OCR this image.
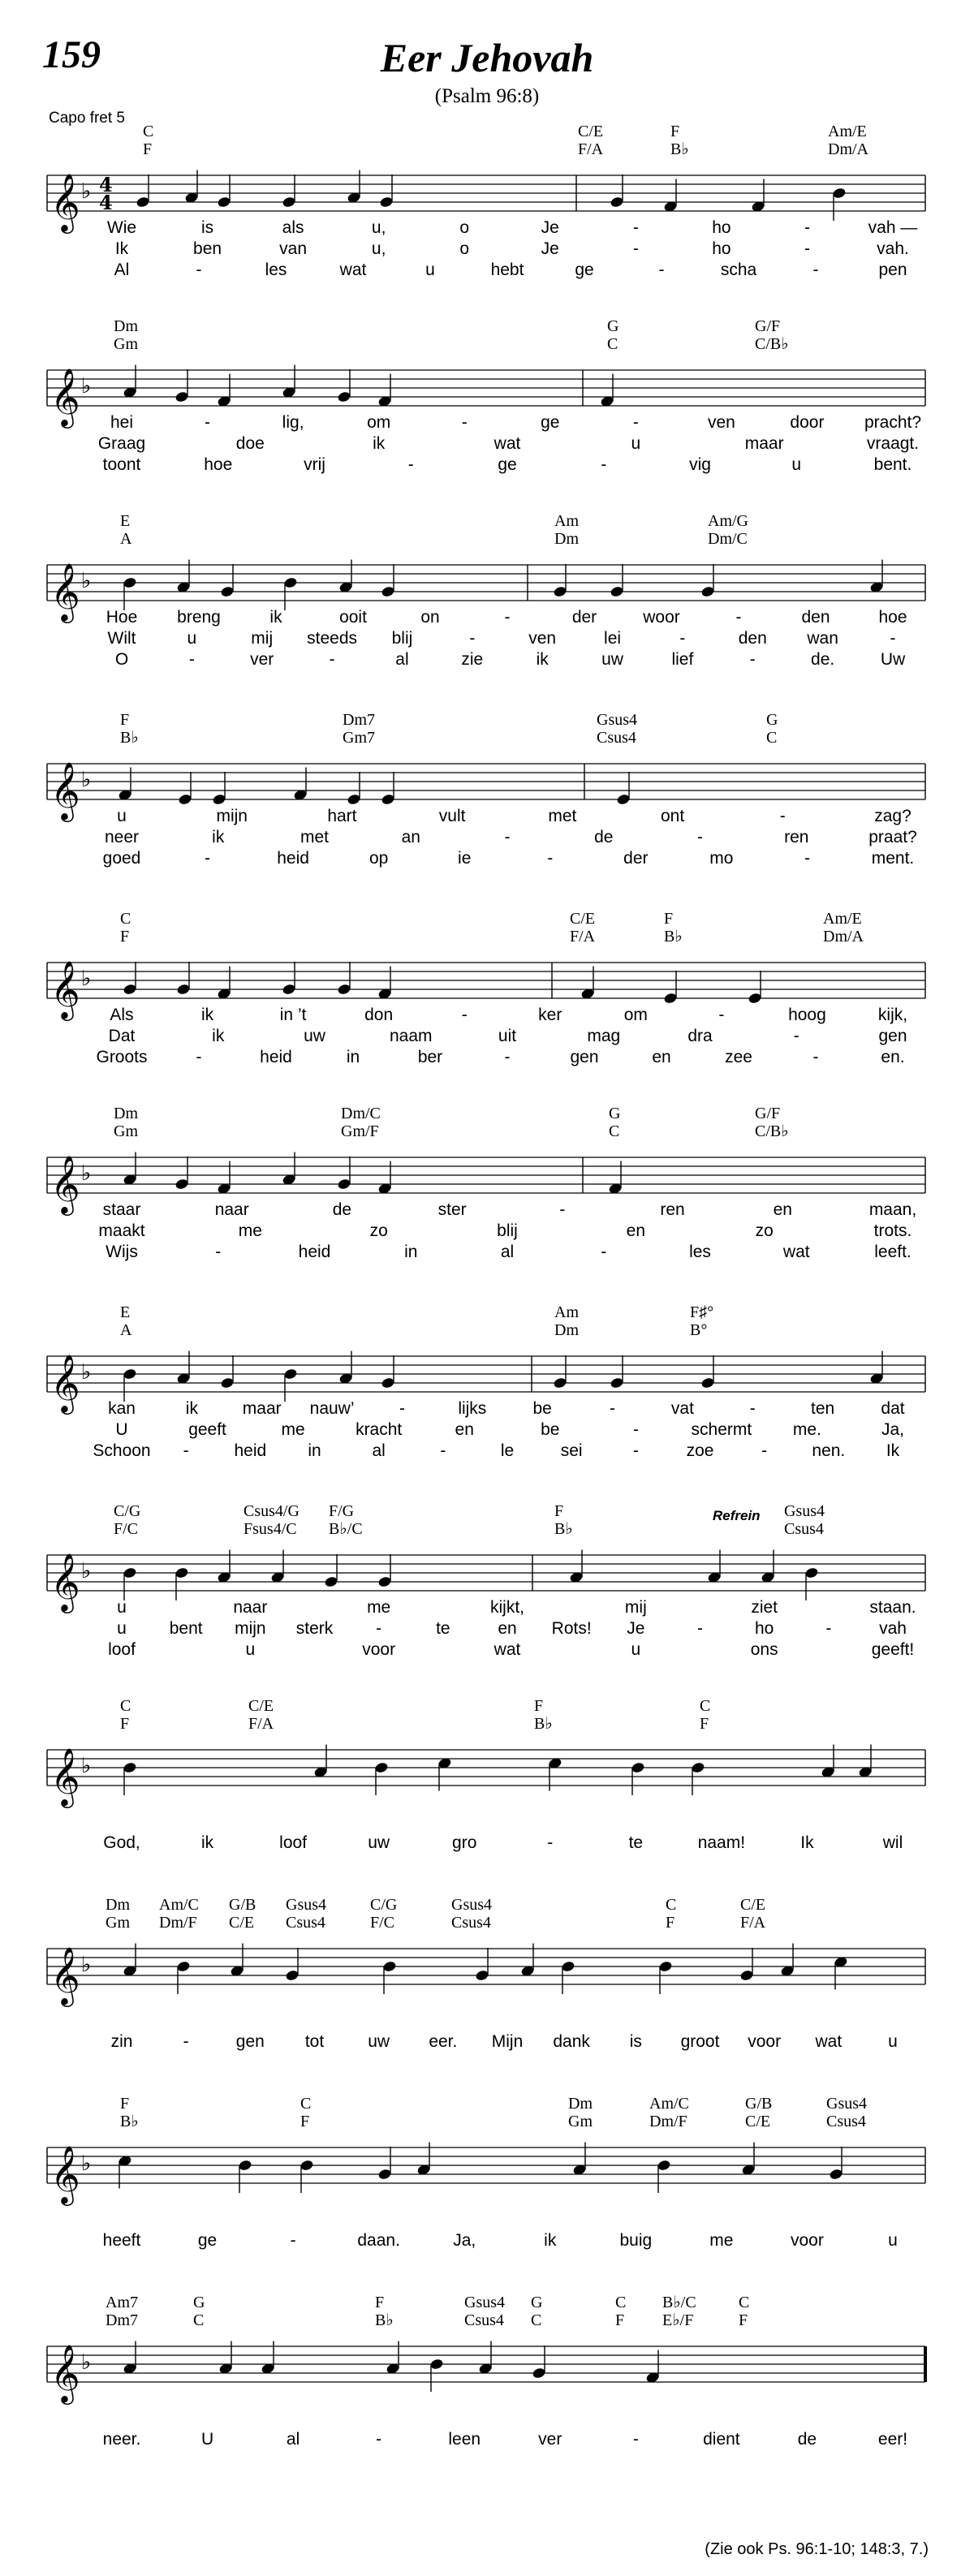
159	Eer Jehovah
(Psalm 96:8)
Capo fret 5
C	C/E	F	Am/E
F	F/A	B♭	Dm/A
𝄞 ♭ 4
4
Wie	is	als	u,	o	Je	-	ho	-	vah —
Ik	ben	van	u,	o	Je	-	ho	-	vah.
Al	-	les	wat	u	hebt	ge	-	scha	-	pen
Dm	G	G/F
Gm	C	C/B♭
𝄞 ♭
hei	-	lig,	om	-	ge	-	ven	door pracht?
Graag	doe	ik	wat	u	maar	vraagt.
toont	hoe	vrij	-	ge	-	vig	u	bent.
E	Am	Am/G
A	Dm	Dm/C
𝄞 ♭
Hoe breng	ik	ooit	on	-	der	woor	-	den	hoe
Wilt	u	mij steeds blij	-	ven	lei	-	den wan	-
O	-	ver	-	al	zie	ik	uw	lief	-	de.	Uw
F	Dm7	Gsus4	G
B♭	Gm7	Csus4	C
𝄞 ♭
u	mijn	hart	vult	met	ont	-	zag?
neer	ik	met	an	-	de	-	ren	praat?
goed	-	heid	op	ie	-	der	mo	-	ment.
C	C/E	F	Am/E
F	F/A	B♭	Dm/A
𝄞 ♭
Als	ik	in ’t	don	-	ker	om	-	hoog	kijk,
Dat	ik	uw	naam	uit	mag	dra	-	gen
Groots	-	heid	in	ber	-	gen	en	zee	-	en.
Dm	Dm/C	G	G/F
Gm	Gm/F	C	C/B♭
𝄞 ♭
staar	naar	de	ster	-	ren	en	maan,
maakt	me	zo	blij	en	zo	trots.
Wijs	-	heid	in	al	-	les	wat	leeft.
E	Am	F♯°
A	Dm	B°
𝄞 ♭
kan	ik	maar nauw’	-	lijks	be	-	vat	-	ten	dat
U	geeft	me	kracht	en	be	-	schermt me.	Ja,
Schoon -	heid in	al	-	le	sei	-	zoe	-	nen. Ik
C/G	Csus4/G F/G	F	Gsus4
F/C	Fsus4/C B♭/C	B♭	Csus4
𝄞 ♭
u	naar	me	kijkt,	mij	ziet	staan.
u	bent mijn sterk	-	te	en Rots! Je	-	ho	-	vah
loof	u	voor	wat	u	ons	geeft!
Refrein
C	C/E	F	C
F	F/A	B♭	F
𝄞 ♭
God,	ik	loof	uw	gro	-	te	naam!	Ik	wil
Dm Am/C G/B Gsus4	C/G	Gsus4	C	C/E
Gm Dm/F C/E Csus4	F/C	Csus4	F	F/A
𝄞 ♭
zin	-	gen tot	uw eer. Mijn dank is groot voor wat	u
F	C	Dm	Am/C	G/B	Gsus4
B♭	F	Gm	Dm/F	C/E	Csus4
𝄞 ♭
heeft	ge	-	daan.	Ja,	ik	buig	me	voor	u
Am7	G	F	Gsus4 G	C B♭/C	C
Dm7	C	B♭	Csus4 C	F E♭/F	F
𝄞 ♭
neer.	U	al	-	leen	ver	-	dient	de	eer!
(Zie ook Ps. 96:1-10; 148:3, 7.)
